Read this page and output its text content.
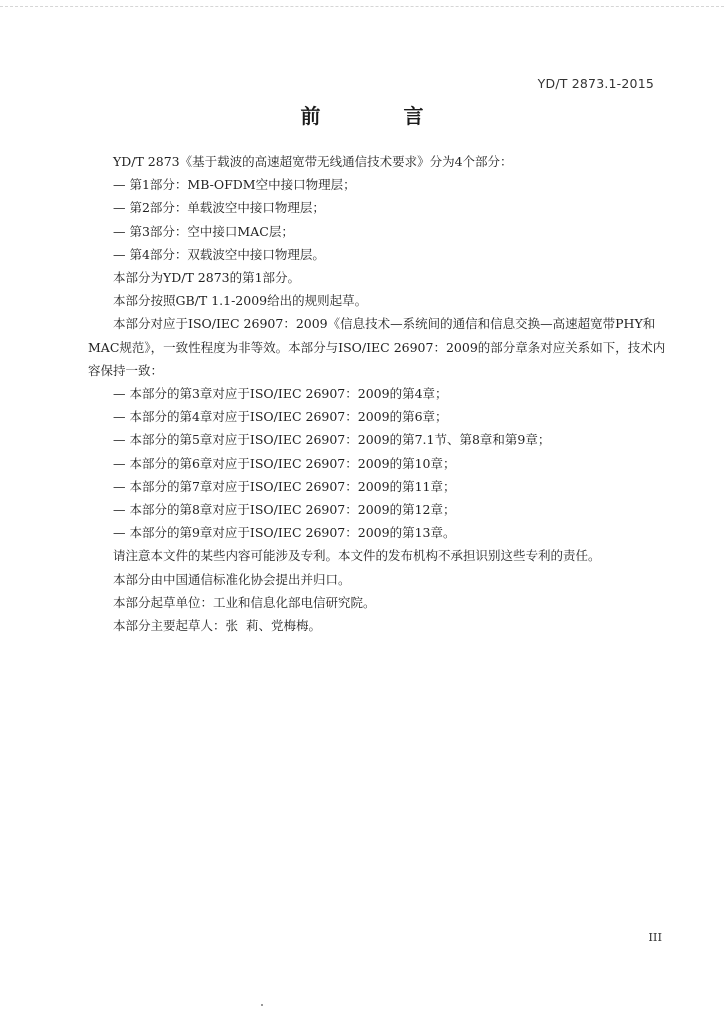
YD/T 2873.1-2015
前 言
YD/T 2873《基于载波的高速超宽带无线通信技术要求》分为4个部分：
— 第1部分：MB-OFDM空中接口物理层；
— 第2部分：单载波空中接口物理层；
— 第3部分：空中接口MAC层；
— 第4部分：双载波空中接口物理层。
本部分为YD/T 2873的第1部分。
本部分按照GB/T 1.1-2009给出的规则起草。
本部分对应于ISO/IEC 26907：2009《信息技术—系统间的通信和信息交换—高速超宽带PHY和MAC规范》，一致性程度为非等效。本部分与ISO/IEC 26907：2009的部分章条对应关系如下，技术内容保持一致：
— 本部分的第3章对应于ISO/IEC 26907：2009的第4章；
— 本部分的第4章对应于ISO/IEC 26907：2009的第6章；
— 本部分的第5章对应于ISO/IEC 26907：2009的第7.1节、第8章和第9章；
— 本部分的第6章对应于ISO/IEC 26907：2009的第10章；
— 本部分的第7章对应于ISO/IEC 26907：2009的第11章；
— 本部分的第8章对应于ISO/IEC 26907：2009的第12章；
— 本部分的第9章对应于ISO/IEC 26907：2009的第13章。
请注意本文件的某些内容可能涉及专利。本文件的发布机构不承担识别这些专利的责任。
本部分由中国通信标准化协会提出并归口。
本部分起草单位：工业和信息化部电信研究院。
本部分主要起草人：张  莉、党梅梅。
III
